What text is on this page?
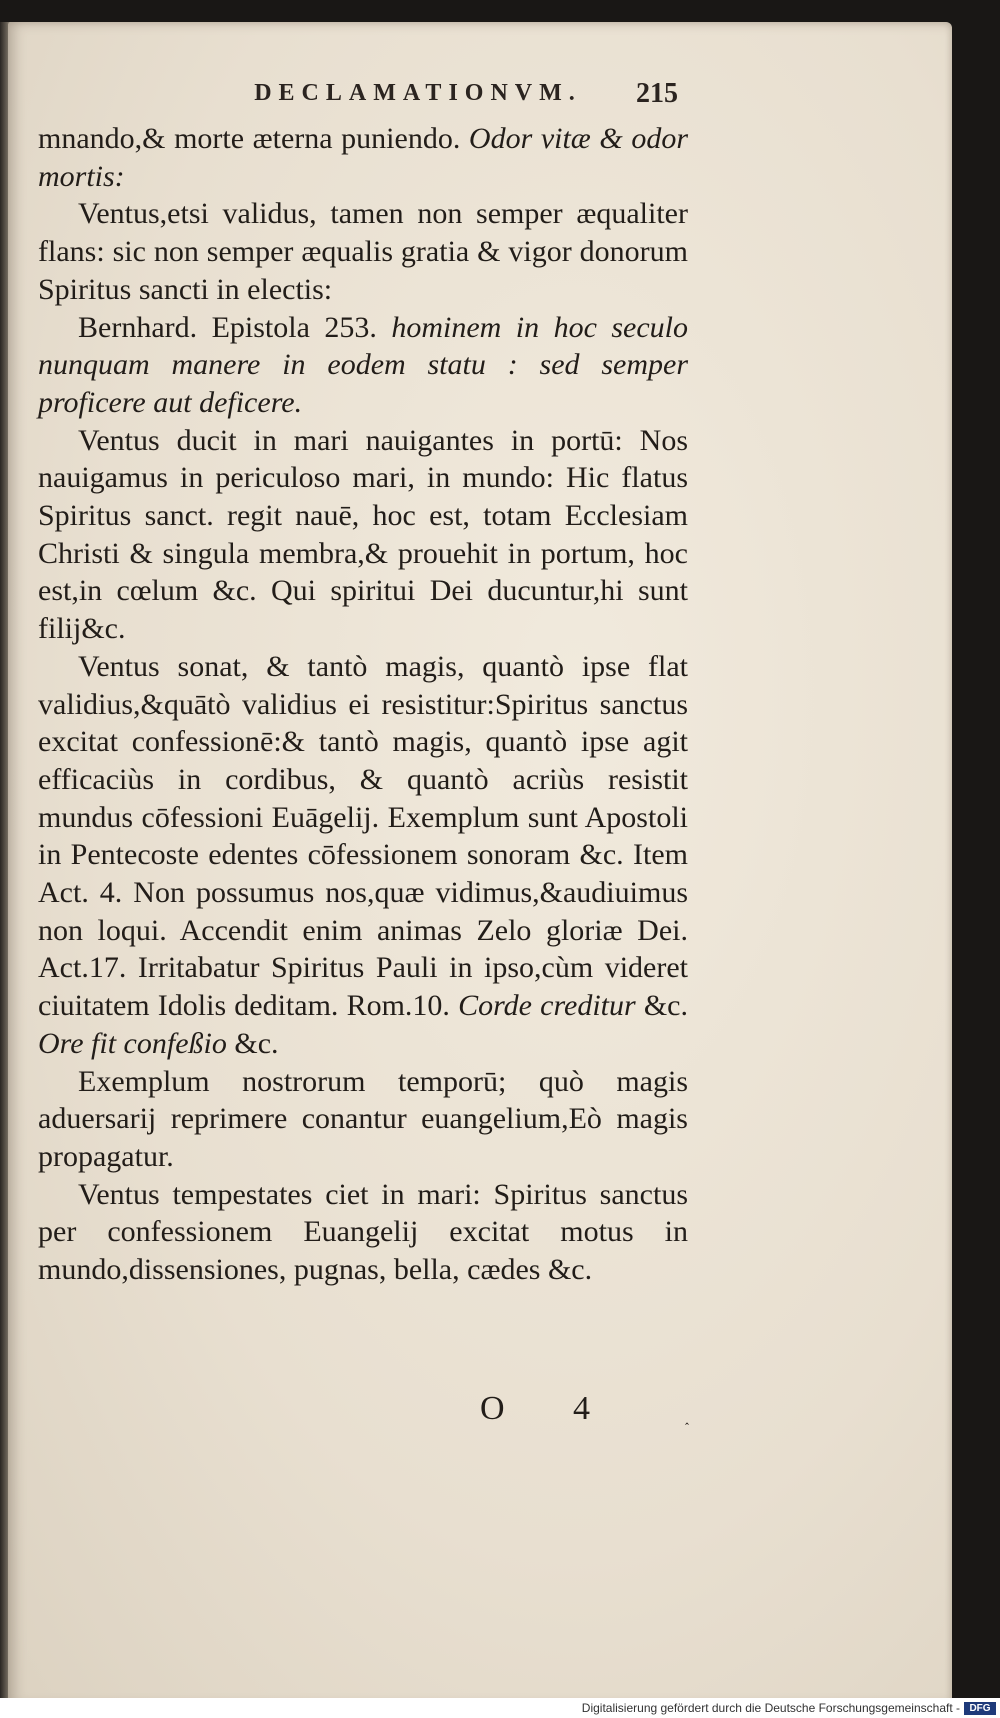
DECLAMATIONVM.	215

mnando,& morte æterna puniendo. Odor vitæ & odor mortis:

Ventus,etsi validus, tamen non semper æqualiter flans: sic non semper æqualis gratia & vigor donorum Spiritus sancti in electis:

Bernhard. Epistola 253. hominem in hoc seculo nunquam manere in eodem statu : sed semper proficere aut deficere.

Ventus ducit in mari nauigantes in portū: Nos nauigamus in periculoso mari, in mundo: Hic flatus Spiritus sanct. regit nauē, hoc est, totam Ecclesiam Christi & singula membra,& prouehit in portum, hoc est,in cœlum &c. Qui spiritui Dei ducuntur,hi sunt filij&c.

Ventus sonat, & tantò magis, quantò ipse flat validius,&quātò validius ei resistitur:Spiritus sanctus excitat confessionē:& tantò magis, quantò ipse agit efficaciùs in cordibus, & quantò acriùs resistit mundus cōfessioni Euāgelij. Exemplum sunt Apostoli in Pentecoste edentes cōfessionem sonoram &c. Item Act. 4. Non possumus nos,quæ vidimus,&audiuimus non loqui. Accendit enim animas Zelo gloriæ Dei. Act.17. Irritabatur Spiritus Pauli in ipso,cùm videret ciuitatem Idolis deditam. Rom.10. Corde creditur &c. Ore fit confeßio &c.

Exemplum nostrorum temporū; quò magis aduersarij reprimere conantur euangelium,Eò magis propagatur.

Ventus tempestates ciet in mari: Spiritus sanctus per confessionem Euangelij excitat motus in mundo,dissensiones, pugnas, bella, cædes &c.

O 4	˰
Digitalisierung gefördert durch die Deutsche Forschungsgemeinschaft - DFG
